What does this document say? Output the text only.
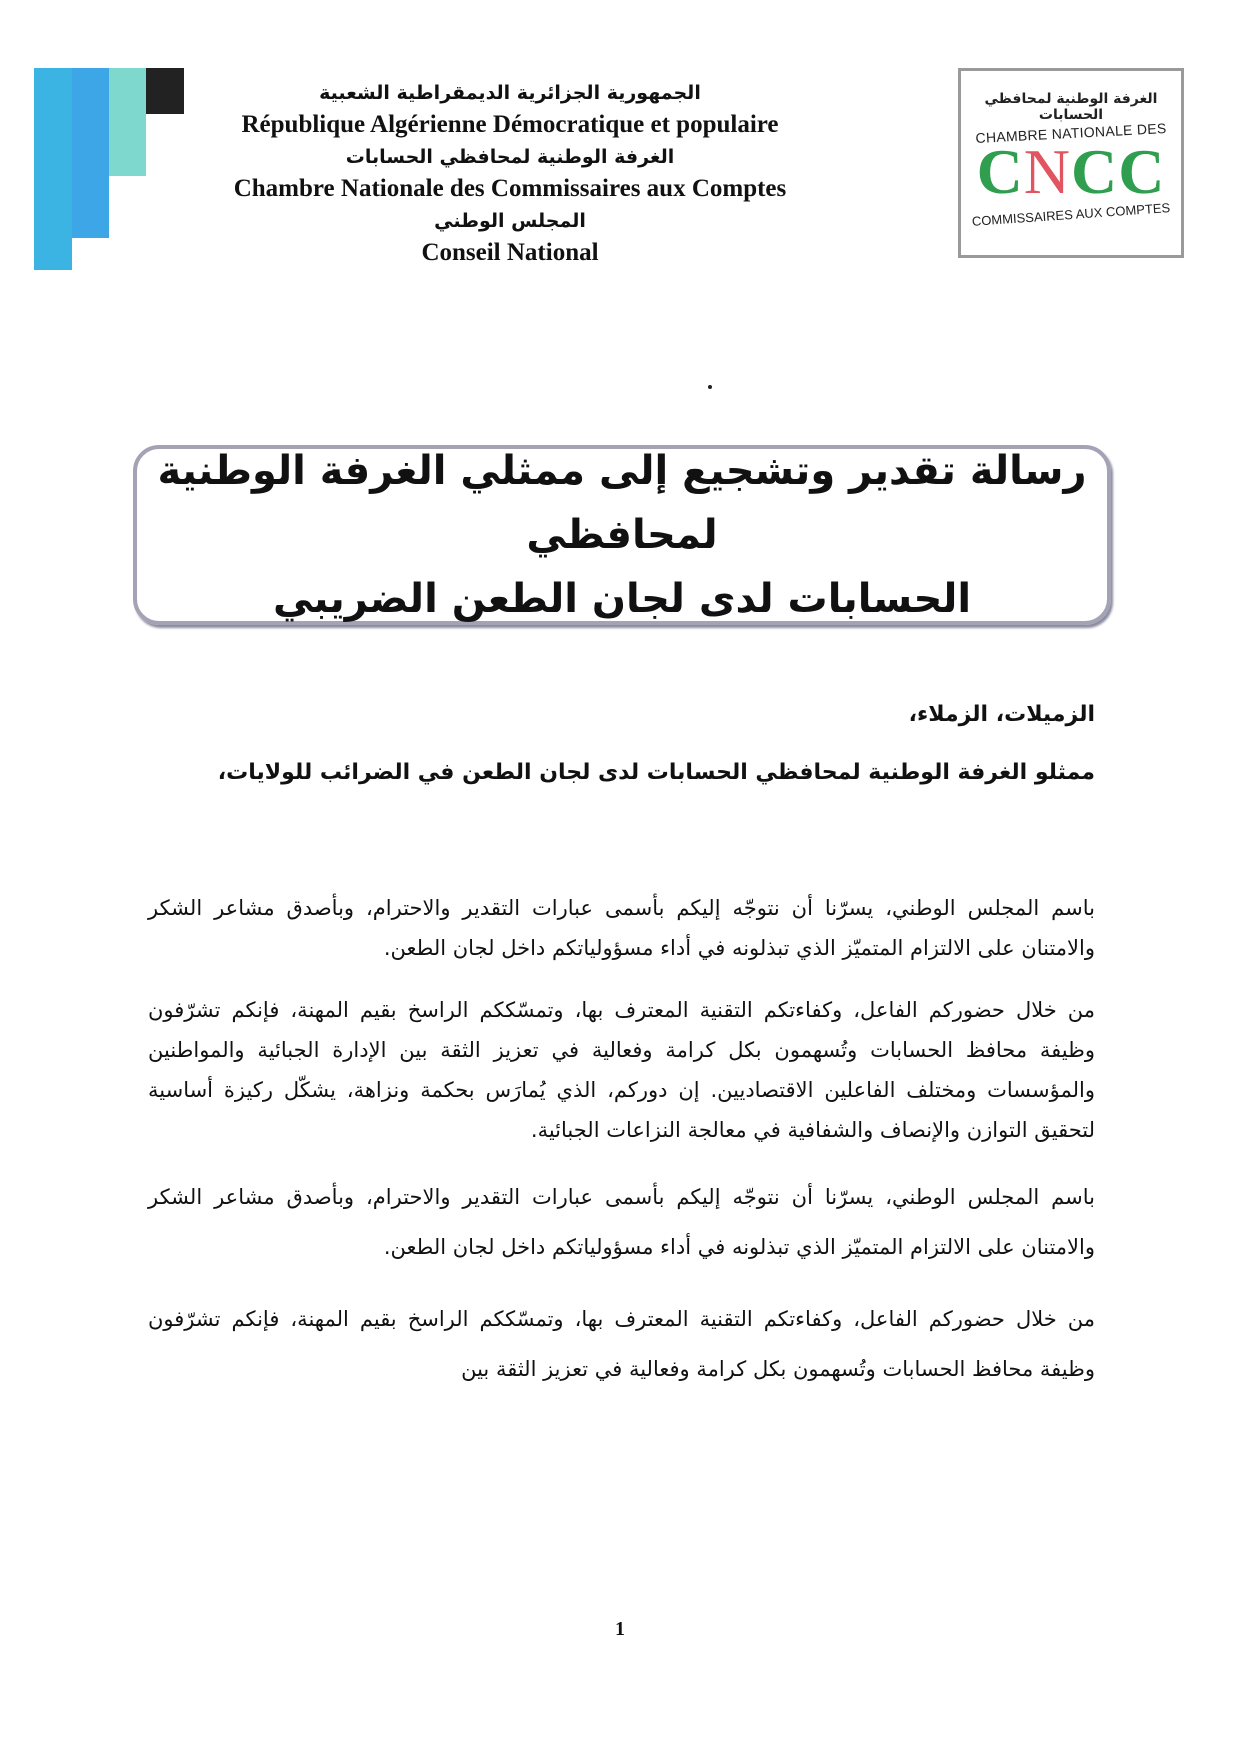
الجمهورية الجزائرية الديمقراطية الشعبية
République Algérienne Démocratique et populaire
الغرفة الوطنية لمحافظي الحسابات
Chambre Nationale des Commissaires aux Comptes
المجلس الوطني
Conseil National
الغرفة الوطنية لمحافظي الحسابات
CHAMBRE NATIONALE DES
CNCC
COMMISSAIRES AUX COMPTES
رسالة تقدير وتشجيع إلى ممثلي الغرفة الوطنية لمحافظي
الحسابات لدى لجان الطعن الضريبي

الزميلات، الزملاء،

ممثلو الغرفة الوطنية لمحافظي الحسابات لدى لجان الطعن في الضرائب للولايات،

باسم المجلس الوطني، يسرّنا أن نتوجّه إليكم بأسمى عبارات التقدير والاحترام، وبأصدق مشاعر الشكر والامتنان على الالتزام المتميّز الذي تبذلونه في أداء مسؤولياتكم داخل لجان الطعن.

من خلال حضوركم الفاعل، وكفاءتكم التقنية المعترف بها، وتمسّككم الراسخ بقيم المهنة، فإنكم تشرّفون وظيفة محافظ الحسابات وتُسهمون بكل كرامة وفعالية في تعزيز الثقة بين الإدارة الجبائية والمواطنين والمؤسسات ومختلف الفاعلين الاقتصاديين. إن دوركم، الذي يُمارَس بحكمة ونزاهة، يشكّل ركيزة أساسية لتحقيق التوازن والإنصاف والشفافية في معالجة النزاعات الجبائية.

باسم المجلس الوطني، يسرّنا أن نتوجّه إليكم بأسمى عبارات التقدير والاحترام، وبأصدق مشاعر الشكر والامتنان على الالتزام المتميّز الذي تبذلونه في أداء مسؤولياتكم داخل لجان الطعن.

من خلال حضوركم الفاعل، وكفاءتكم التقنية المعترف بها، وتمسّككم الراسخ بقيم المهنة، فإنكم تشرّفون وظيفة محافظ الحسابات وتُسهمون بكل كرامة وفعالية في تعزيز الثقة بين

1
